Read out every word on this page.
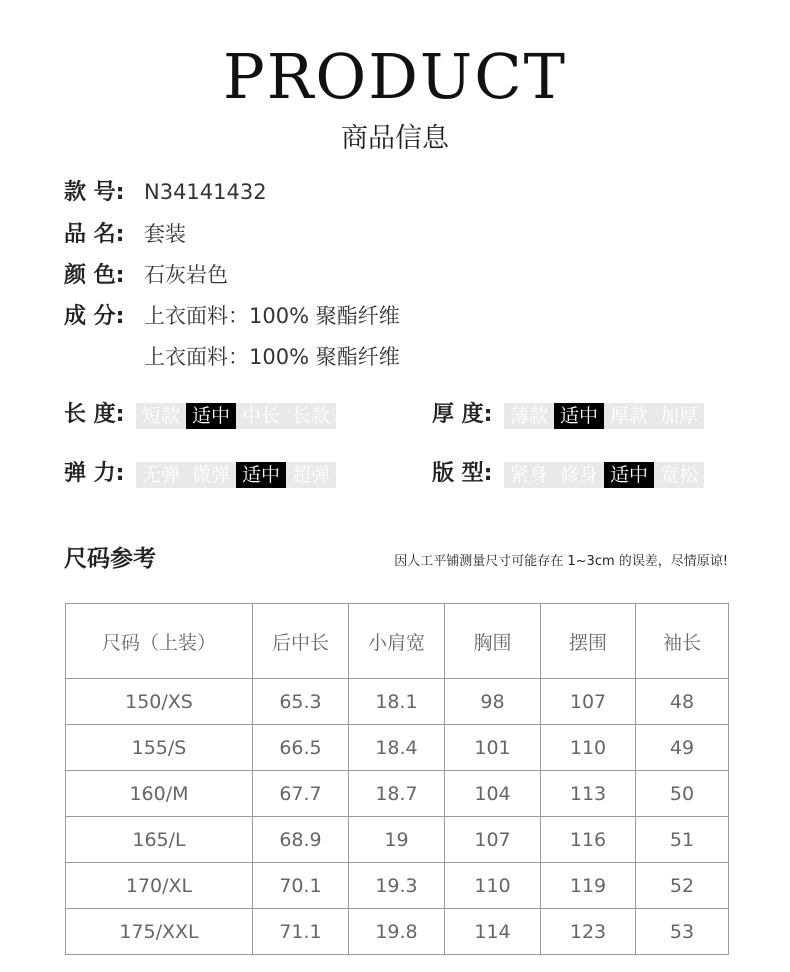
PRODUCT
商品信息
款 号: N34141432
品 名: 套装
颜 色: 石灰岩色
成 分: 上衣面料：100% 聚酯纤维
上衣面料：100% 聚酯纤维
长 度: 短款 适中 中长 长款	厚 度: 薄款 适中 厚款 加厚
弹 力: 无弹 微弹 适中 超弹	版 型: 紧身 修身 适中 宽松
尺码参考	因人工平铺测量尺寸可能存在 1~3cm 的误差，尽情原谅!
尺码（上装）	后中长	小肩宽	胸围	摆围	袖长
150/XS	65.3	18.1	98	107	48
155/S	66.5	18.4	101	110	49
160/M	67.7	18.7	104	113	50
165/L	68.9	19	107	116	51
170/XL	70.1	19.3	110	119	52
175/XXL	71.1	19.8	114	123	53
